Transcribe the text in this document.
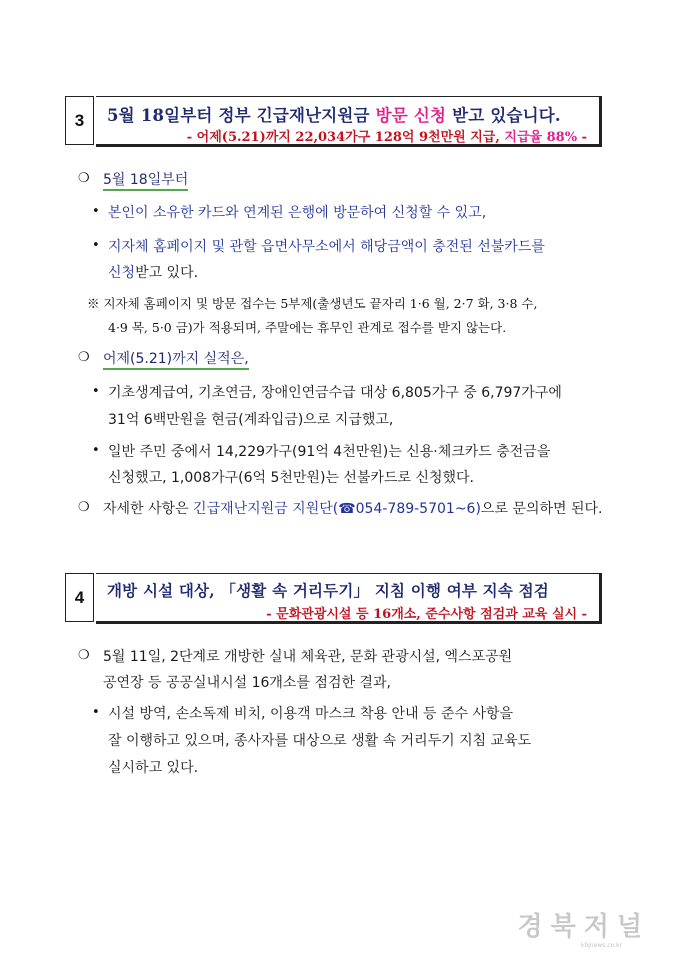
3	5월 18일부터 정부 긴급재난지원금 방문 신청 받고 있습니다.
- 어제(5.21)까지 22,034가구 128억 9천만원 지급, 지급율 88% -
❍ 5월 18일부터
• 본인이 소유한 카드와 연계된 은행에 방문하여 신청할 수 있고,
• 지자체 홈페이지 및 관할 읍면사무소에서 해당금액이 충전된 선불카드를
신청받고 있다.
※ 지자체 홈페이지 및 방문 접수는 5부제(출생년도 끝자리 1·6 월, 2·7 화, 3·8 수,
4·9 목, 5·0 금)가 적용되며, 주말에는 휴무인 관계로 접수를 받지 않는다.
❍ 어제(5.21)까지 실적은,
• 기초생계급여, 기초연금, 장애인연금수급 대상 6,805가구 중 6,797가구에
31억 6백만원을 현금(계좌입금)으로 지급했고,
• 일반 주민 중에서 14,229가구(91억 4천만원)는 신용·체크카드 충전금을
신청했고, 1,008가구(6억 5천만원)는 선불카드로 신청했다.
❍ 자세한 사항은 긴급재난지원금 지원단(☎054-789-5701~6)으로 문의하면 된다.
4	개방 시설 대상, 「생활 속 거리두기」 지침 이행 여부 지속 점검
- 문화관광시설 등 16개소, 준수사항 점검과 교육 실시 -
❍ 5월 11일, 2단계로 개방한 실내 체육관, 문화 관광시설, 엑스포공원
공연장 등 공공실내시설 16개소를 점검한 결과,
• 시설 방역, 손소독제 비치, 이용객 마스크 착용 안내 등 준수 사항을
잘 이행하고 있으며, 종사자를 대상으로 생활 속 거리두기 지침 교육도
실시하고 있다.
경북저널
kbjnews.co.kr
